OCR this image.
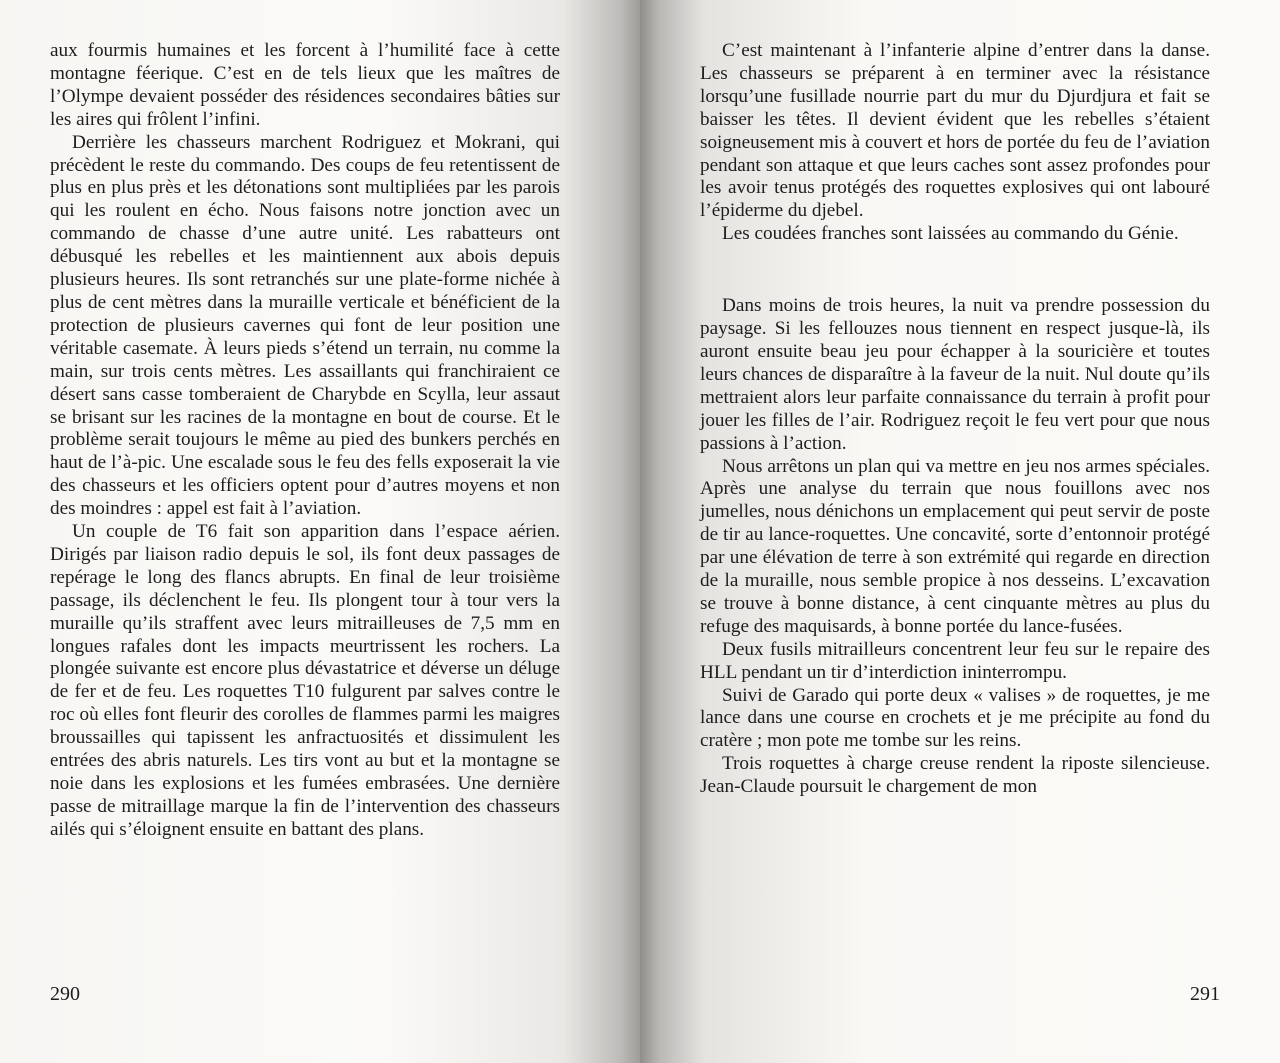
aux fourmis humaines et les forcent à l’humilité face à cette montagne féerique. C’est en de tels lieux que les maîtres de l’Olympe devaient posséder des résidences secondaires bâties sur les aires qui frôlent l’infini.

Derrière les chasseurs marchent Rodriguez et Mokrani, qui précèdent le reste du commando. Des coups de feu retentissent de plus en plus près et les détonations sont multipliées par les parois qui les roulent en écho. Nous faisons notre jonction avec un commando de chasse d’une autre unité. Les rabatteurs ont débusqué les rebelles et les maintiennent aux abois depuis plusieurs heures. Ils sont retranchés sur une plate-forme nichée à plus de cent mètres dans la muraille verticale et bénéficient de la protection de plusieurs cavernes qui font de leur position une véritable casemate. À leurs pieds s’étend un terrain, nu comme la main, sur trois cents mètres. Les assaillants qui franchiraient ce désert sans casse tomberaient de Charybde en Scylla, leur assaut se brisant sur les racines de la montagne en bout de course. Et le problème serait toujours le même au pied des bunkers perchés en haut de l’à-pic. Une escalade sous le feu des fells exposerait la vie des chasseurs et les officiers optent pour d’autres moyens et non des moindres : appel est fait à l’aviation.

Un couple de T6 fait son apparition dans l’espace aérien. Dirigés par liaison radio depuis le sol, ils font deux passages de repérage le long des flancs abrupts. En final de leur troisième passage, ils déclenchent le feu. Ils plongent tour à tour vers la muraille qu’ils straffent avec leurs mitrailleuses de 7,5 mm en longues rafales dont les impacts meurtrissent les rochers. La plongée suivante est encore plus dévastatrice et déverse un déluge de fer et de feu. Les roquettes T10 fulgurent par salves contre le roc où elles font fleurir des corolles de flammes parmi les maigres broussailles qui tapissent les anfractuosités et dissimulent les entrées des abris naturels. Les tirs vont au but et la montagne se noie dans les explosions et les fumées embrasées. Une dernière passe de mitraillage marque la fin de l’intervention des chasseurs ailés qui s’éloignent ensuite en battant des plans.

290

C’est maintenant à l’infanterie alpine d’entrer dans la danse. Les chasseurs se préparent à en terminer avec la résistance lorsqu’une fusillade nourrie part du mur du Djurdjura et fait se baisser les têtes. Il devient évident que les rebelles s’étaient soigneusement mis à couvert et hors de portée du feu de l’aviation pendant son attaque et que leurs caches sont assez profondes pour les avoir tenus protégés des roquettes explosives qui ont labouré l’épiderme du djebel.

Les coudées franches sont laissées au commando du Génie.

Dans moins de trois heures, la nuit va prendre possession du paysage. Si les fellouzes nous tiennent en respect jusque-là, ils auront ensuite beau jeu pour échapper à la souricière et toutes leurs chances de disparaître à la faveur de la nuit. Nul doute qu’ils mettraient alors leur parfaite connaissance du terrain à profit pour jouer les filles de l’air. Rodriguez reçoit le feu vert pour que nous passions à l’action.

Nous arrêtons un plan qui va mettre en jeu nos armes spéciales. Après une analyse du terrain que nous fouillons avec nos jumelles, nous dénichons un emplacement qui peut servir de poste de tir au lance-roquettes. Une concavité, sorte d’entonnoir protégé par une élévation de terre à son extrémité qui regarde en direction de la muraille, nous semble propice à nos desseins. L’excavation se trouve à bonne distance, à cent cinquante mètres au plus du refuge des maquisards, à bonne portée du lance-fusées.

Deux fusils mitrailleurs concentrent leur feu sur le repaire des HLL pendant un tir d’interdiction ininterrompu.

Suivi de Garado qui porte deux « valises » de roquettes, je me lance dans une course en crochets et je me précipite au fond du cratère ; mon pote me tombe sur les reins.

Trois roquettes à charge creuse rendent la riposte silencieuse. Jean-Claude poursuit le chargement de mon

291
